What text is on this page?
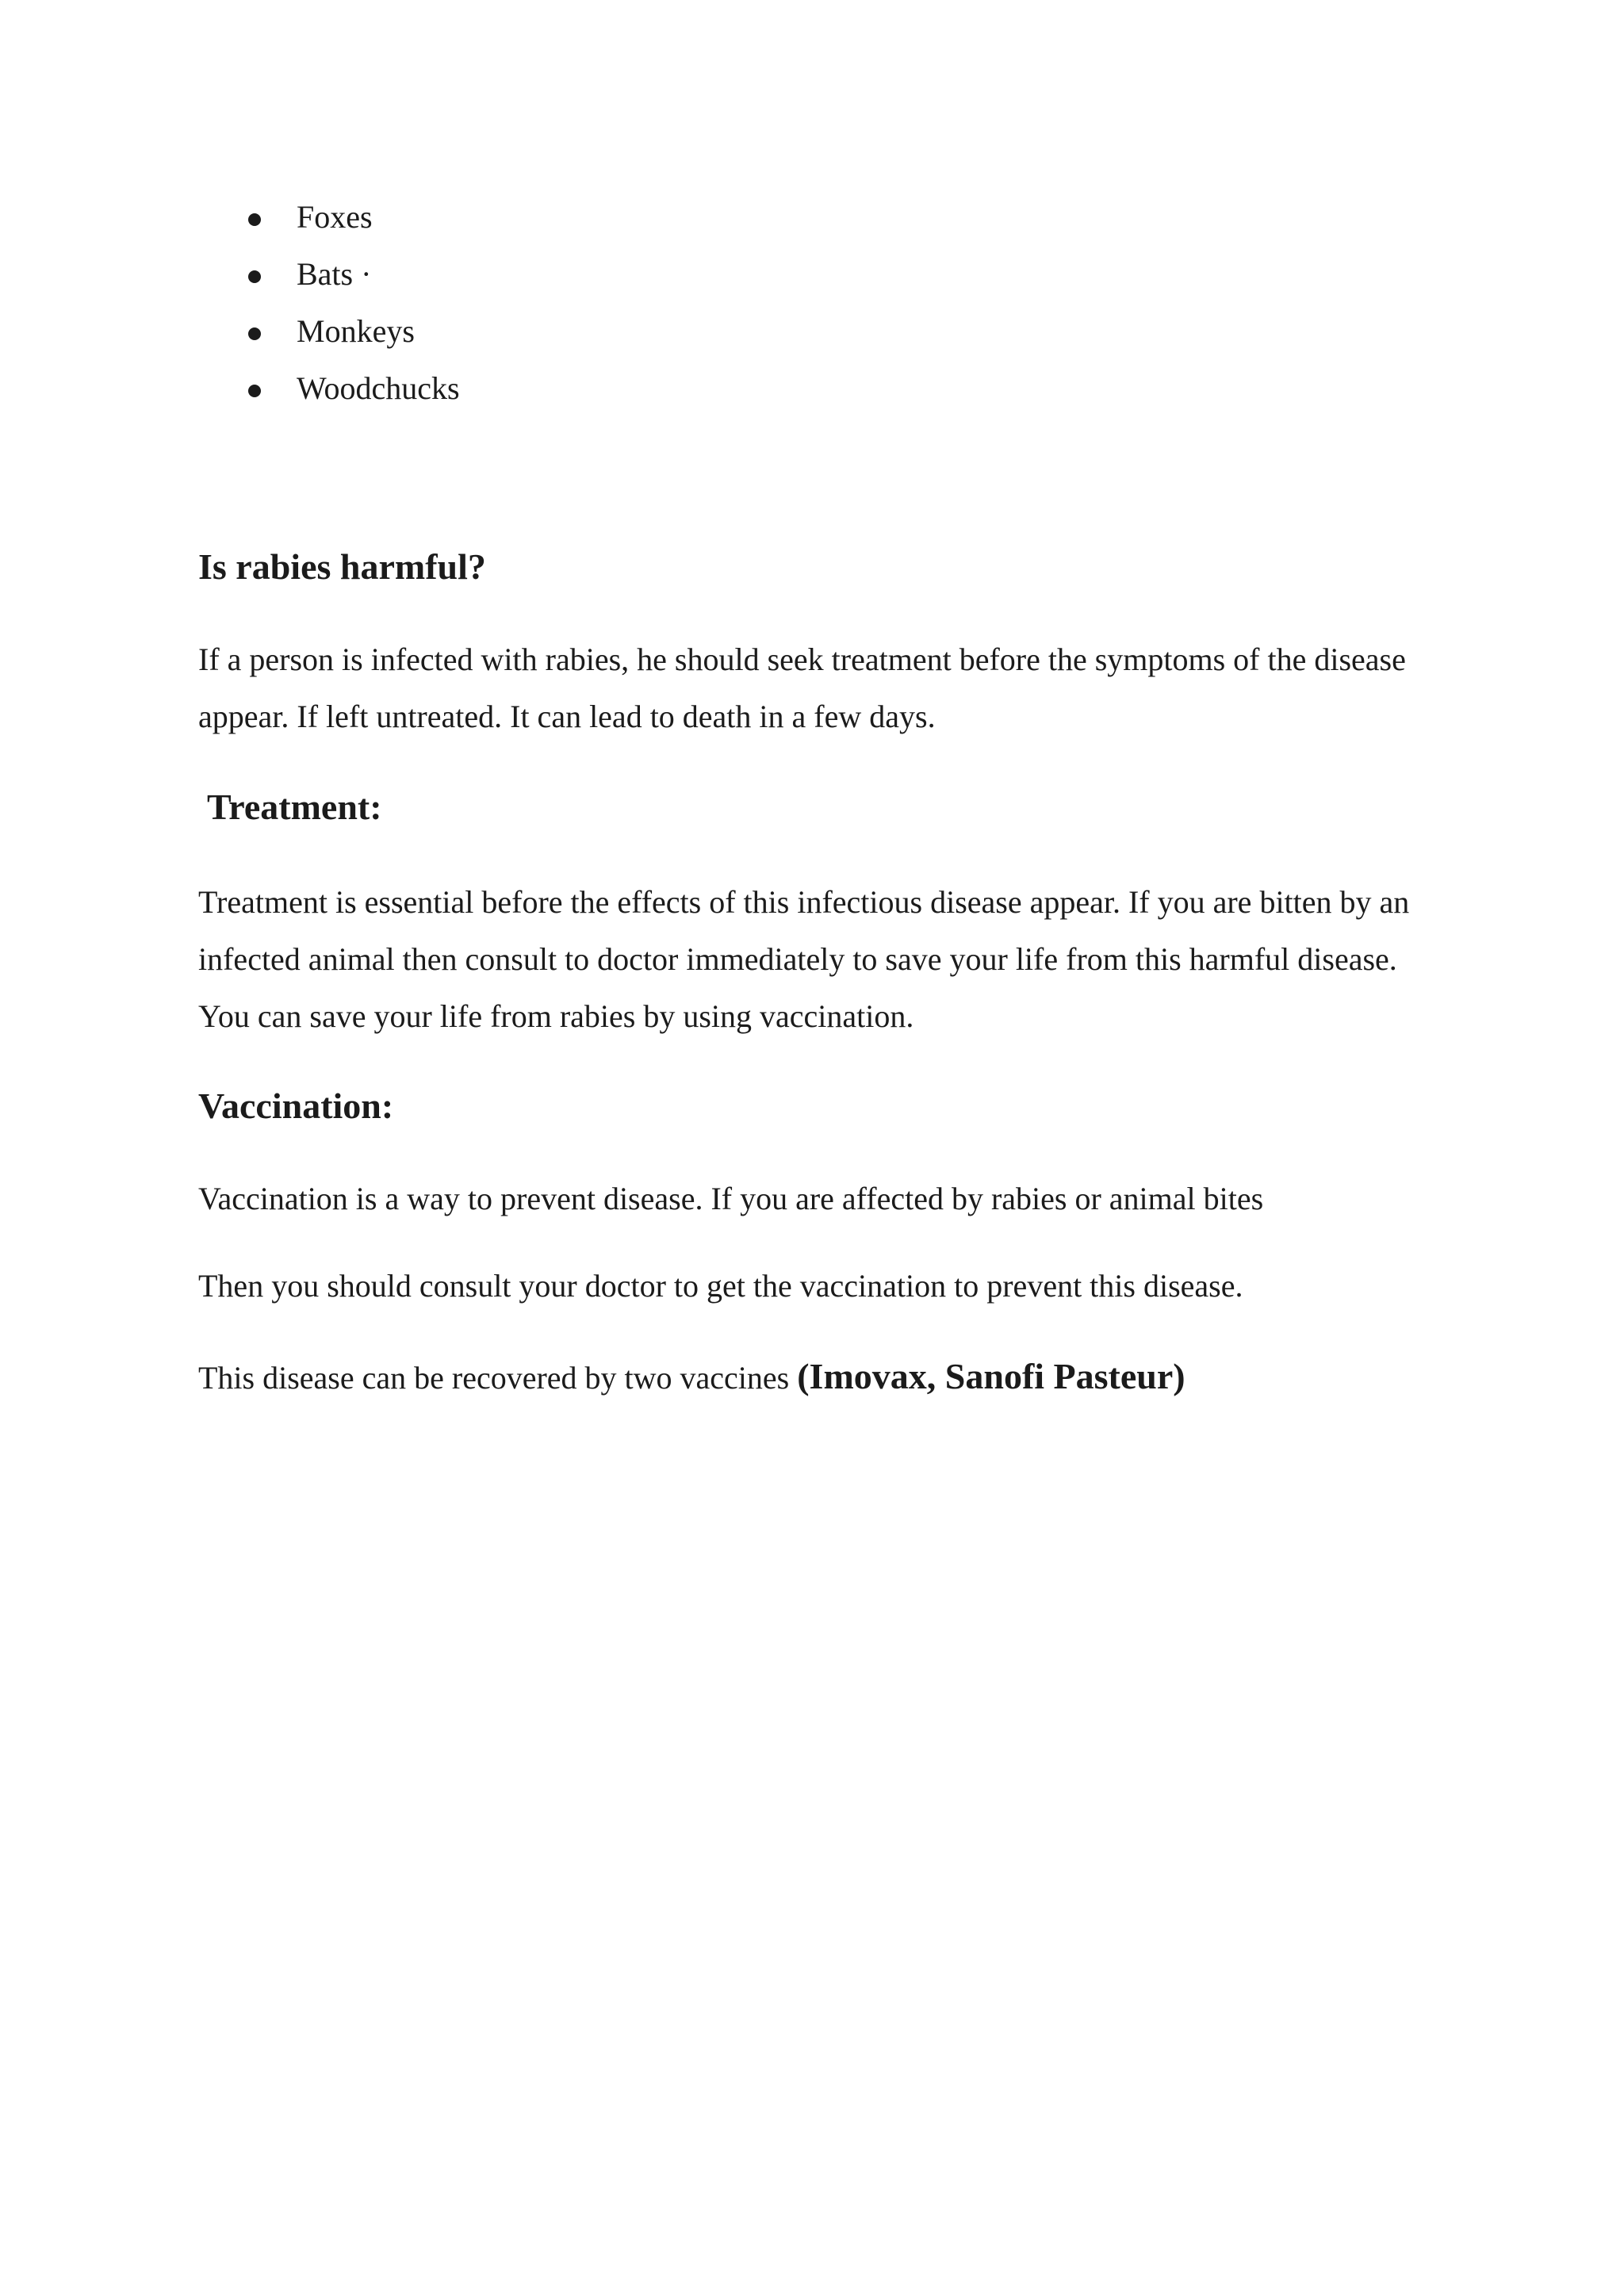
Foxes
Bats ·
Monkeys
Woodchucks
Is rabies harmful?
If a person is infected with rabies, he should seek treatment before the symptoms of the disease appear. If left untreated. It can lead to death in a few days.
Treatment:
Treatment is essential before the effects of this infectious disease appear. If you are bitten by an infected animal then consult to doctor immediately to save your life from this harmful disease. You can save your life from rabies by using vaccination.
Vaccination:
Vaccination is a way to prevent disease. If you are affected by rabies or animal bites
Then you should consult your doctor to get the vaccination to prevent this disease.
This disease can be recovered by two vaccines (Imovax, Sanofi Pasteur)
